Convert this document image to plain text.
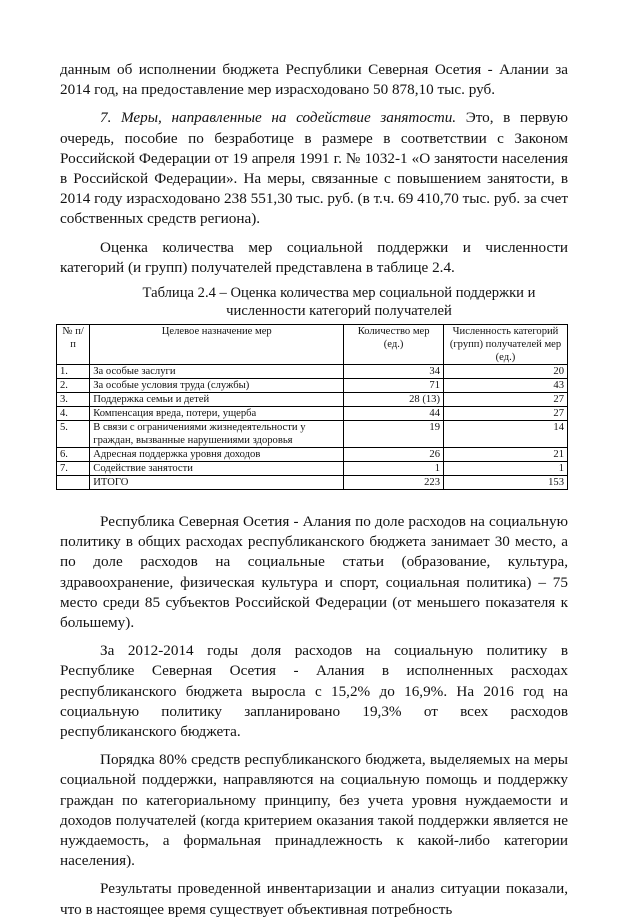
данным об исполнении бюджета Республики Северная Осетия - Алании за 2014 год, на предоставление мер израсходовано 50 878,10 тыс. руб.

7. Меры, направленные на содействие занятости. Это, в первую очередь, пособие по безработице в размере в соответствии с Законом Российской Федерации от 19 апреля 1991 г. № 1032-1 «О занятости населения в Российской Федерации». На меры, связанные с повышением занятости, в 2014 году израсходовано 238 551,30 тыс. руб. (в т.ч. 69 410,70 тыс. руб. за счет собственных средств региона).

Оценка количества мер социальной поддержки и численности категорий (и групп) получателей представлена в таблице 2.4.

Таблица 2.4 – Оценка количества мер социальной поддержки и численности категорий получателей
№ п/п	Целевое назначение мер	Количество мер (ед.)	Численность категорий (групп) получателей мер (ед.)
1.	За особые заслуги	34	20
2.	За особые условия труда (службы)	71	43
3.	Поддержка семьи и детей	28 (13)	27
4.	Компенсация вреда, потери, ущерба	44	27
5.	В связи с ограничениями жизнедеятельности у граждан, вызванные нарушениями здоровья	19	14
6.	Адресная поддержка уровня доходов	26	21
7.	Содействие занятости	1	1
	ИТОГО	223	153

Республика Северная Осетия - Алания по доле расходов на социальную политику в общих расходах республиканского бюджета занимает 30 место, а по доле расходов на социальные статьи (образование, культура, здравоохранение, физическая культура и спорт, социальная политика) – 75 место среди 85 субъектов Российской Федерации (от меньшего показателя к большему).

За 2012-2014 годы доля расходов на социальную политику в Республике Северная Осетия - Алания в исполненных расходах республиканского бюджета выросла с 15,2% до 16,9%. На 2016 год на социальную политику запланировано 19,3% от всех расходов республиканского бюджета.

Порядка 80% средств республиканского бюджета, выделяемых на меры социальной поддержки, направляются на социальную помощь и поддержку граждан по категориальному принципу, без учета уровня нуждаемости и доходов получателей (когда критерием оказания такой поддержки является не нуждаемость, а формальная принадлежность к какой-либо категории населения).

Результаты проведенной инвентаризации и анализ ситуации показали, что в настоящее время существует объективная потребность
